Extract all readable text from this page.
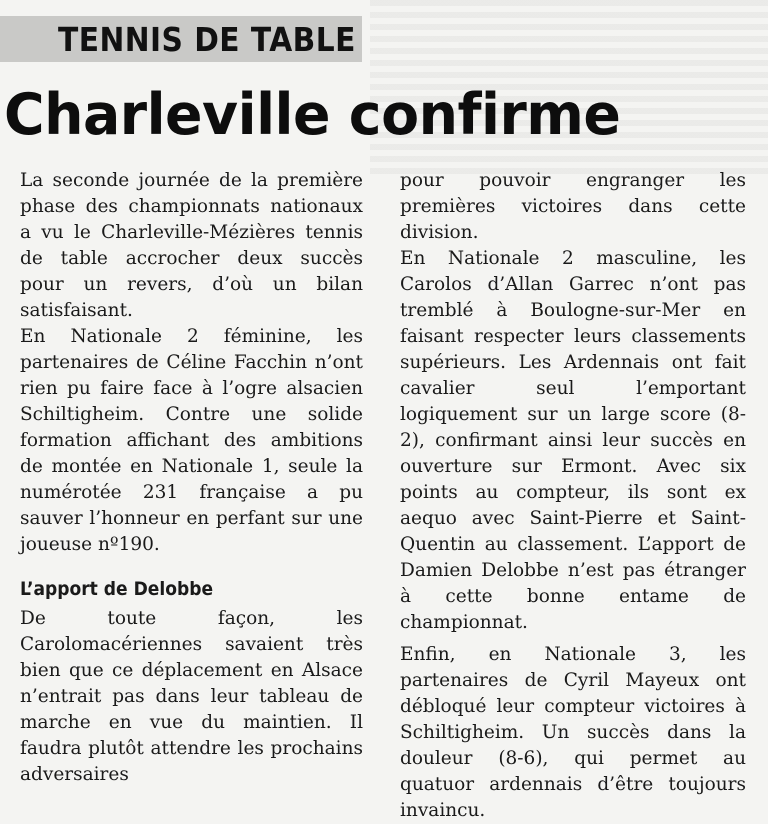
TENNIS DE TABLE
Charleville confirme

La seconde journée de la première phase des championnats nationaux a vu le Charleville-Mézières tennis de table accrocher deux succès pour un revers, d’où un bilan satisfaisant.

En Nationale 2 féminine, les partenaires de Céline Facchin n’ont rien pu faire face à l’ogre alsacien Schiltigheim. Contre une solide formation affichant des ambitions de montée en Nationale 1, seule la numérotée 231 française a pu sauver l’honneur en perfant sur une joueuse nº190.

L’apport de Delobbe

De toute façon, les Carolomacériennes savaient très bien que ce déplacement en Alsace n’entrait pas dans leur tableau de marche en vue du maintien. Il faudra plutôt attendre les prochains adversaires

pour pouvoir engranger les premières victoires dans cette division.

En Nationale 2 masculine, les Carolos d’Allan Garrec n’ont pas tremblé à Boulogne-sur-Mer en faisant respecter leurs classements supérieurs. Les Ardennais ont fait cavalier seul l’emportant logiquement sur un large score (8-2), confirmant ainsi leur succès en ouverture sur Ermont. Avec six points au compteur, ils sont ex aequo avec Saint-Pierre et Saint-Quentin au classement. L’apport de Damien Delobbe n’est pas étranger à cette bonne entame de championnat.

Enfin, en Nationale 3, les partenaires de Cyril Mayeux ont débloqué leur compteur victoires à Schiltigheim. Un succès dans la douleur (8-6), qui permet au quatuor ardennais d’être toujours invaincu.
